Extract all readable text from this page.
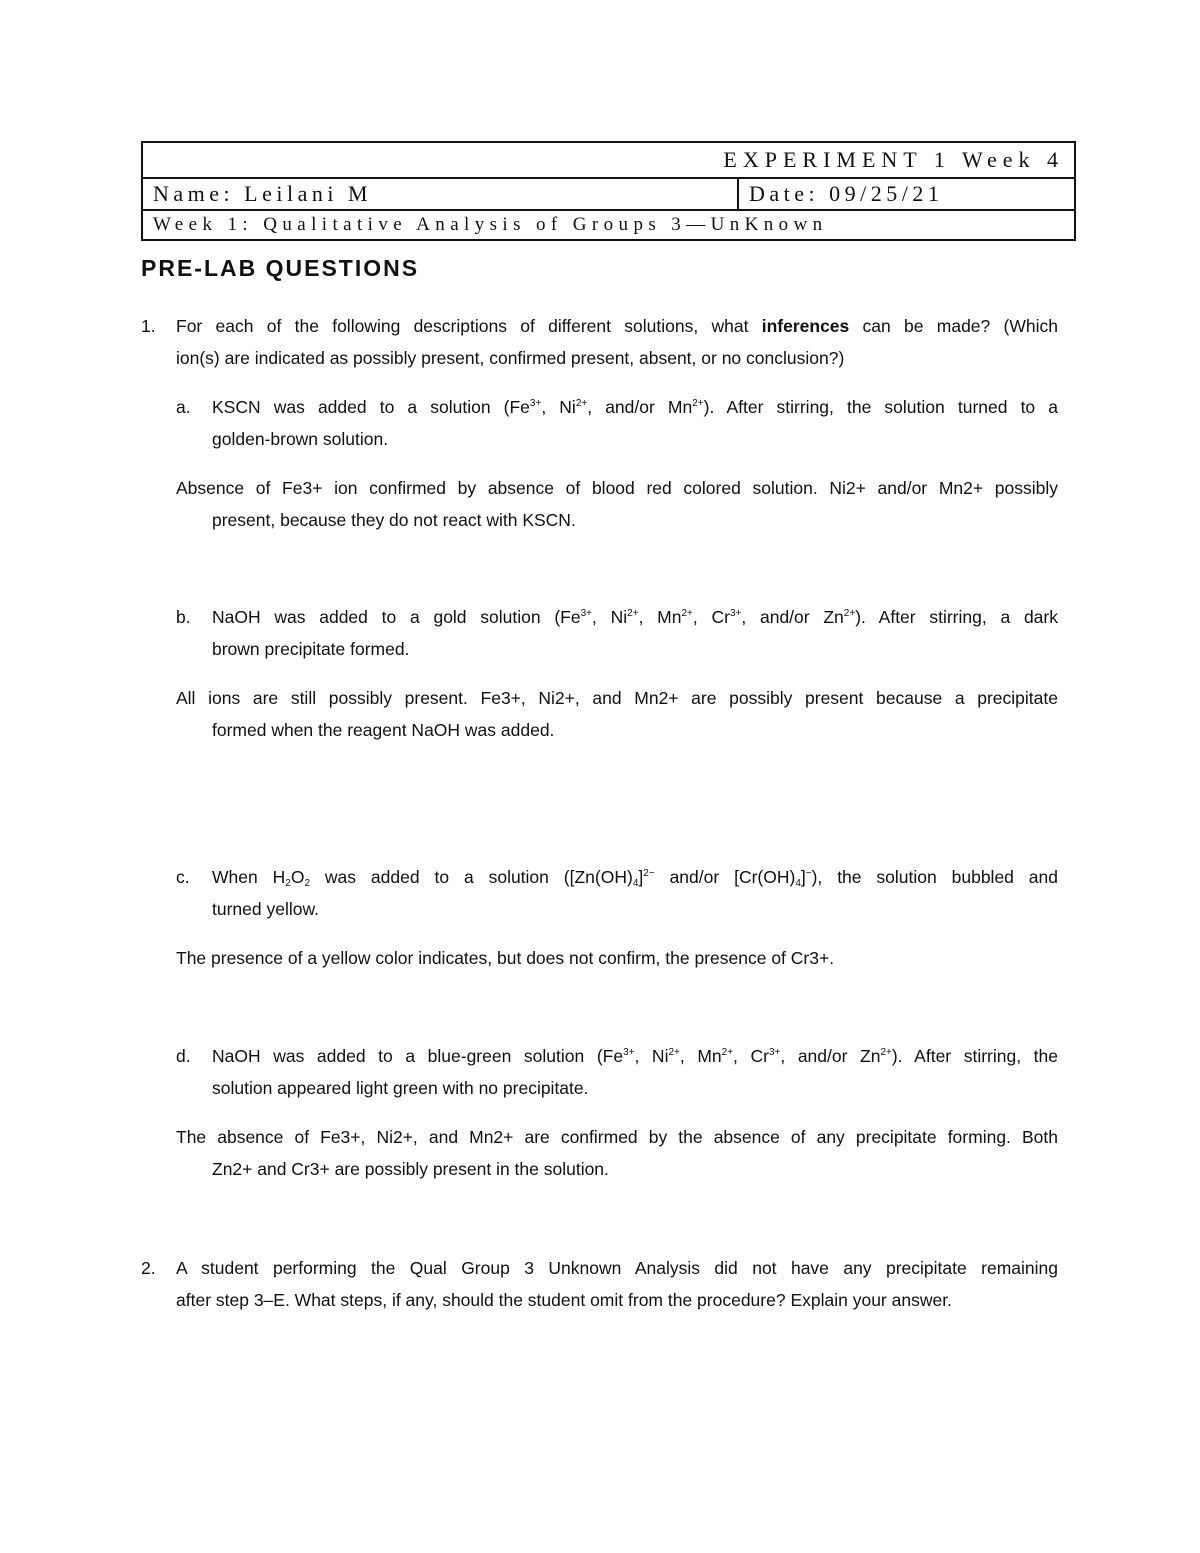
EXPERIMENT 1 Week 4
Name: Leilani M	Date: 09/25/21
Week 1: Qualitative Analysis of Groups 3—UnKnown
PRE-LAB QUESTIONS
1. For each of the following descriptions of different solutions, what inferences can be made? (Which
ion(s) are indicated as possibly present, confirmed present, absent, or no conclusion?)
a. KSCN was added to a solution ($Fe^{3+}$, $Ni^{2+}$, and/or $Mn^{2+}$). After stirring, the solution turned to a
golden-brown solution.
Absence of Fe3+ ion confirmed by absence of blood red colored solution. Ni2+ and/or Mn2+ possibly
present, because they do not react with KSCN.
b. NaOH was added to a gold solution ($Fe^{3+}$, $Ni^{2+}$, $Mn^{2+}$, $Cr^{3+}$, and/or $Zn^{2+}$). After stirring, a dark
brown precipitate formed.
All ions are still possibly present. Fe3+, Ni2+, and Mn2+ are possibly present because a precipitate
formed when the reagent NaOH was added.
c. When $H_2O_2$ was added to a solution ($[Zn(OH)_4]^{2-}$ and/or $[Cr(OH)_4]^-$), the solution bubbled and
turned yellow.
The presence of a yellow color indicates, but does not confirm, the presence of Cr3+.
d. NaOH was added to a blue-green solution ($Fe^{3+}$, $Ni^{2+}$, $Mn^{2+}$, $Cr^{3+}$, and/or $Zn^{2+}$). After stirring, the
solution appeared light green with no precipitate.
The absence of Fe3+, Ni2+, and Mn2+ are confirmed by the absence of any precipitate forming. Both
Zn2+ and Cr3+ are possibly present in the solution.
2. A student performing the Qual Group 3 Unknown Analysis did not have any precipitate remaining
after step 3–E. What steps, if any, should the student omit from the procedure? Explain your answer.
